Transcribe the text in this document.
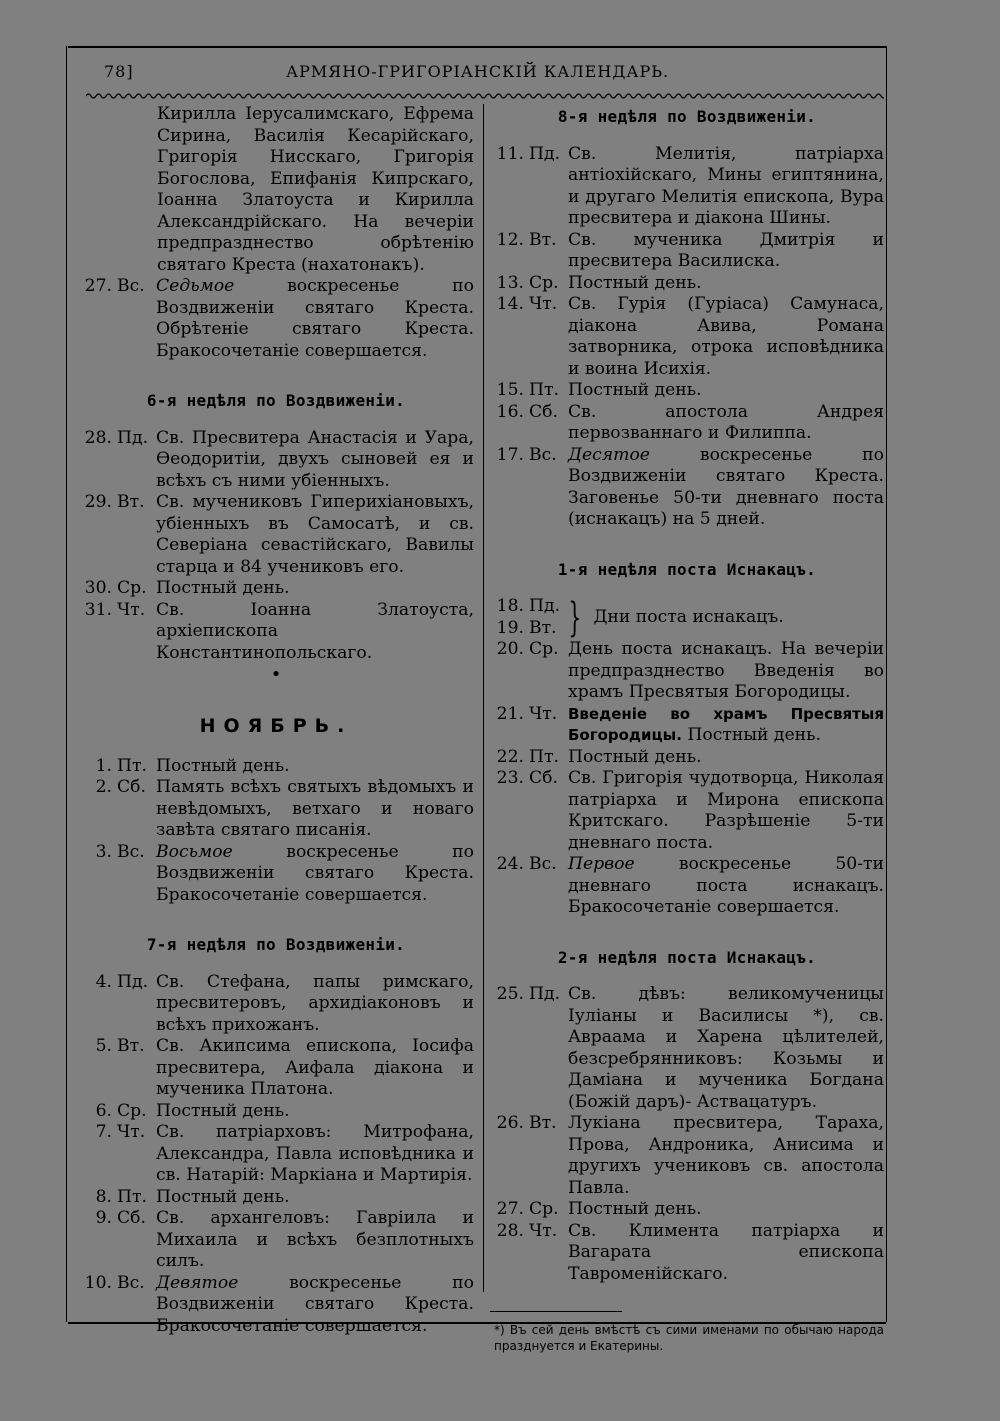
78]	АРМЯНО-ГРИГОРІАНСКІЙ КАЛЕНДАРЬ.
Кирилла Іерусалимскаго, Ефрема Сирина, Василія Кесарійскаго, Григорія Нисскаго, Григорія Богослова, Епифанія Кипрскаго, Іоанна Златоуста и Кирилла Александрійскаго. На вечеріи предпразднество обрѣтенію святаго Креста (нахатонакъ).
27. Вс. Седьмое воскресенье по Воздвиженіи святаго Креста. Обрѣтеніе святаго Креста. Бракосочетаніе совершается.
6-я недѣля по Воздвиженіи.
28. Пд. Св. Пресвитера Анастасія и Уара, Ѳеодоритіи, двухъ сыновей ея и всѣхъ съ ними убіенныхъ.
29. Вт. Св. мучениковъ Гиперихіановыхъ, убіенныхъ въ Самосатѣ, и св. Северіана севастійскаго, Вавилы старца и 84 учениковъ его.
30. Ср. Постный день.
31. Чт. Св. Іоанна Златоуста, архіепископа Константинопольскаго.
•
НОЯБРЬ.
1. Пт. Постный день.
2. Сб. Память всѣхъ святыхъ вѣдомыхъ и невѣдомыхъ, ветхаго и новаго завѣта святаго писанія.
3. Вс. Восьмое воскресенье по Воздвиженіи святаго Креста. Бракосочетаніе совершается.
7-я недѣля по Воздвиженіи.
4. Пд. Св. Стефана, папы римскаго, пресвитеровъ, архидіаконовъ и всѣхъ прихожанъ.
5. Вт. Св. Акипсима епископа, Іосифа пресвитера, Аифала діакона и мученика Платона.
6. Ср. Постный день.
7. Чт. Св. патріарховъ: Митрофана, Александра, Павла исповѣдника и св. Натарій: Маркіана и Мартирія.
8. Пт. Постный день.
9. Сб. Св. архангеловъ: Гавріила и Михаила и всѣхъ безплотныхъ силъ.
10. Вс. Девятое воскресенье по Воздвиженіи святаго Креста. Бракосочетаніе совершается.
8-я недѣля по Воздвиженіи.
11. Пд. Св. Мелитія, патріарха антіохійскаго, Мины египтянина, и другаго Мелитія епископа, Вура пресвитера и діакона Шины.
12. Вт. Св. мученика Дмитрія и пресвитера Василиска.
13. Ср. Постный день.
14. Чт. Св. Гурія (Гуріаса) Самунаса, діакона Авива, Романа затворника, отрока исповѣдника и воина Исихія.
15. Пт. Постный день.
16. Сб. Св. апостола Андрея первозваннаго и Филиппа.
17. Вс. Десятое воскресенье по Воздвиженіи святаго Креста. Заговенье 50-ти дневнаго поста (иснакацъ) на 5 дней.
1-я недѣля поста Иснакацъ.
18. Пд.
19. Вт. } Дни поста иснакацъ.
20. Ср. День поста иснакацъ. На вечеріи предпразднество Введенія во храмъ Пресвятыя Богородицы.
21. Чт. Введеніе во храмъ Пресвятыя Богородицы. Постный день.
22. Пт. Постный день.
23. Сб. Св. Григорія чудотворца, Николая патріарха и Мирона епископа Критскаго. Разрѣшеніе 5-ти дневнаго поста.
24. Вс. Первое воскресенье 50-ти дневнаго поста иснакацъ. Бракосочетаніе совершается.
2-я недѣля поста Иснакацъ.
25. Пд. Св. дѣвъ: великомученицы Іуліаны и Василисы *), св. Авраама и Харена цѣлителей, безсребрянниковъ: Козьмы и Даміана и мученика Богдана (Божій даръ)- Аствацатуръ.
26. Вт. Лукіана пресвитера, Тараха, Прова, Андроника, Анисима и другихъ учениковъ св. апостола Павла.
27. Ср. Постный день.
28. Чт. Св. Климента патріарха и Вагарата епископа Тавроменійскаго.
*) Въ сей день вмѣстѣ съ сими именами по обычаю народа празднуется и Екатерины.
